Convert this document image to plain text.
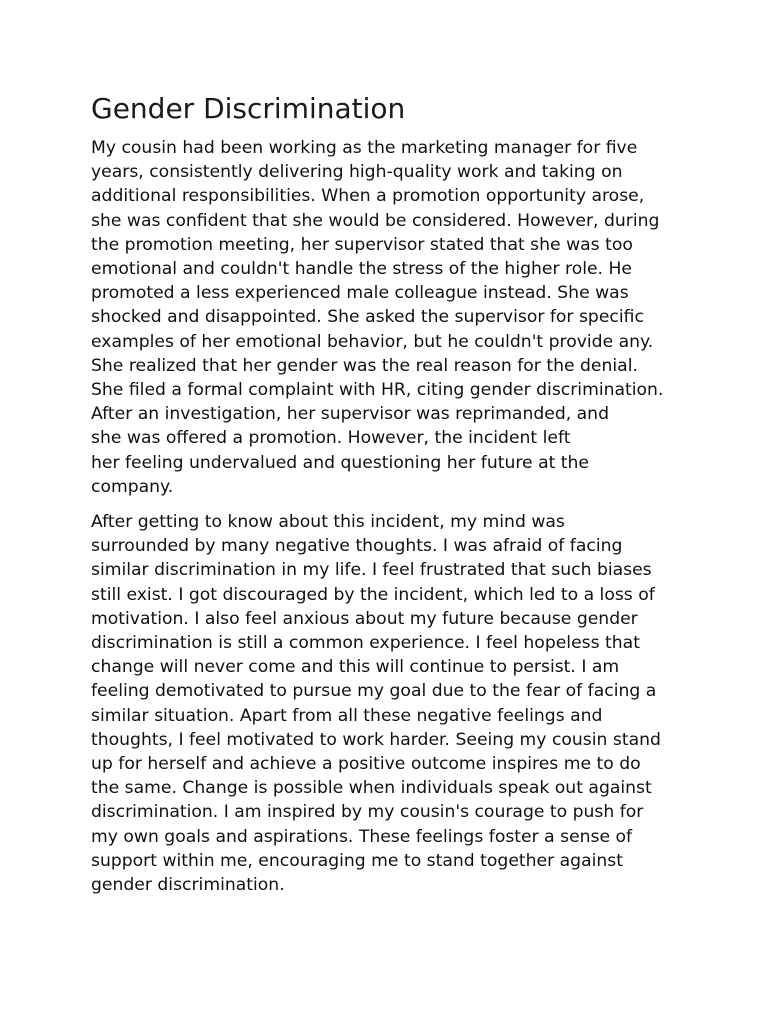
Gender Discrimination

My cousin had been working as the marketing manager for five
years, consistently delivering high-quality work and taking on
additional responsibilities. When a promotion opportunity arose,
she was confident that she would be considered. However, during
the promotion meeting, her supervisor stated that she was too
emotional and couldn't handle the stress of the higher role. He
promoted a less experienced male colleague instead. She was
shocked and disappointed. She asked the supervisor for specific
examples of her emotional behavior, but he couldn't provide any.
She realized that her gender was the real reason for the denial.
She filed a formal complaint with HR, citing gender discrimination.
After an investigation, her supervisor was reprimanded, and
she was offered a promotion. However, the incident left
her feeling undervalued and questioning her future at the
company.

After getting to know about this incident, my mind was
surrounded by many negative thoughts. I was afraid of facing
similar discrimination in my life. I feel frustrated that such biases
still exist. I got discouraged by the incident, which led to a loss of
motivation. I also feel anxious about my future because gender
discrimination is still a common experience. I feel hopeless that
change will never come and this will continue to persist. I am
feeling demotivated to pursue my goal due to the fear of facing a
similar situation. Apart from all these negative feelings and
thoughts, I feel motivated to work harder. Seeing my cousin stand
up for herself and achieve a positive outcome inspires me to do
the same. Change is possible when individuals speak out against
discrimination. I am inspired by my cousin's courage to push for
my own goals and aspirations. These feelings foster a sense of
support within me, encouraging me to stand together against
gender discrimination.
